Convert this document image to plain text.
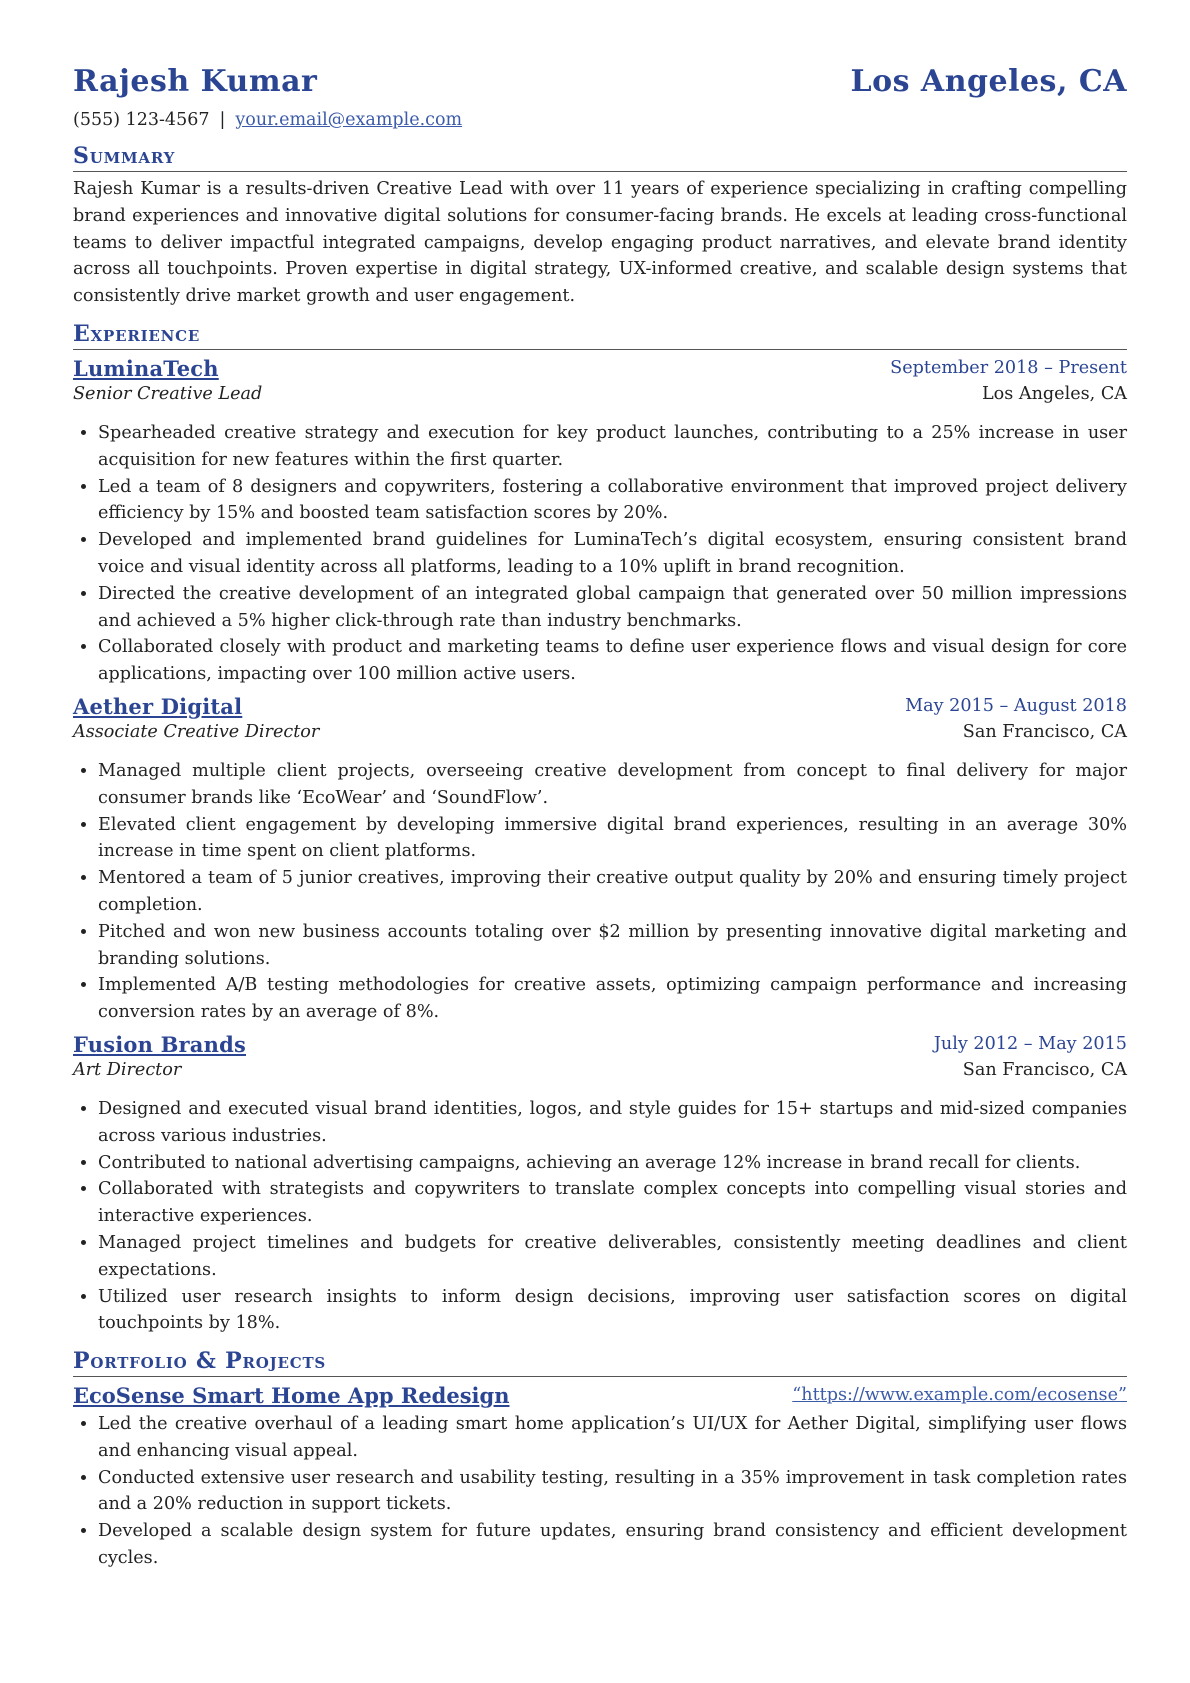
Rajesh Kumar	Los Angeles, CA
(555) 123-4567 | your.email@example.com
Summary

Rajesh Kumar is a results-driven Creative Lead with over 11 years of experience specializing in crafting compelling brand experiences and innovative digital solutions for consumer-facing brands. He excels at leading cross-functional teams to deliver impactful integrated campaigns, develop engaging product narratives, and elevate brand identity across all touchpoints. Proven expertise in digital strategy, UX-informed creative, and scalable design systems that consistently drive market growth and user engagement.

Experience
LuminaTech	September 2018 – Present
Senior Creative Lead	Los Angeles, CA
• Spearheaded creative strategy and execution for key product launches, contributing to a 25% increase in user acquisition for new features within the first quarter.
• Led a team of 8 designers and copywriters, fostering a collaborative environment that improved project delivery efficiency by 15% and boosted team satisfaction scores by 20%.
• Developed and implemented brand guidelines for LuminaTech’s digital ecosystem, ensuring consistent brand voice and visual identity across all platforms, leading to a 10% uplift in brand recognition.
• Directed the creative development of an integrated global campaign that generated over 50 million impressions and achieved a 5% higher click-through rate than industry benchmarks.
• Collaborated closely with product and marketing teams to define user experience flows and visual design for core applications, impacting over 100 million active users.
Aether Digital	May 2015 – August 2018
Associate Creative Director	San Francisco, CA
• Managed multiple client projects, overseeing creative development from concept to final delivery for major consumer brands like ‘EcoWear’ and ‘SoundFlow’.
• Elevated client engagement by developing immersive digital brand experiences, resulting in an average 30% increase in time spent on client platforms.
• Mentored a team of 5 junior creatives, improving their creative output quality by 20% and ensuring timely project completion.
• Pitched and won new business accounts totaling over $2 million by presenting innovative digital marketing and branding solutions.
• Implemented A/B testing methodologies for creative assets, optimizing campaign performance and increasing conversion rates by an average of 8%.
Fusion Brands	July 2012 – May 2015
Art Director	San Francisco, CA
• Designed and executed visual brand identities, logos, and style guides for 15+ startups and mid-sized companies across various industries.
• Contributed to national advertising campaigns, achieving an average 12% increase in brand recall for clients.
• Collaborated with strategists and copywriters to translate complex concepts into compelling visual stories and interactive experiences.
• Managed project timelines and budgets for creative deliverables, consistently meeting deadlines and client expectations.
• Utilized user research insights to inform design decisions, improving user satisfaction scores on digital touchpoints by 18%.
Portfolio & Projects
EcoSense Smart Home App Redesign	“https://www.example.com/ecosense”
• Led the creative overhaul of a leading smart home application’s UI/UX for Aether Digital, simplifying user flows and enhancing visual appeal.
• Conducted extensive user research and usability testing, resulting in a 35% improvement in task completion rates and a 20% reduction in support tickets.
• Developed a scalable design system for future updates, ensuring brand consistency and efficient development cycles.
